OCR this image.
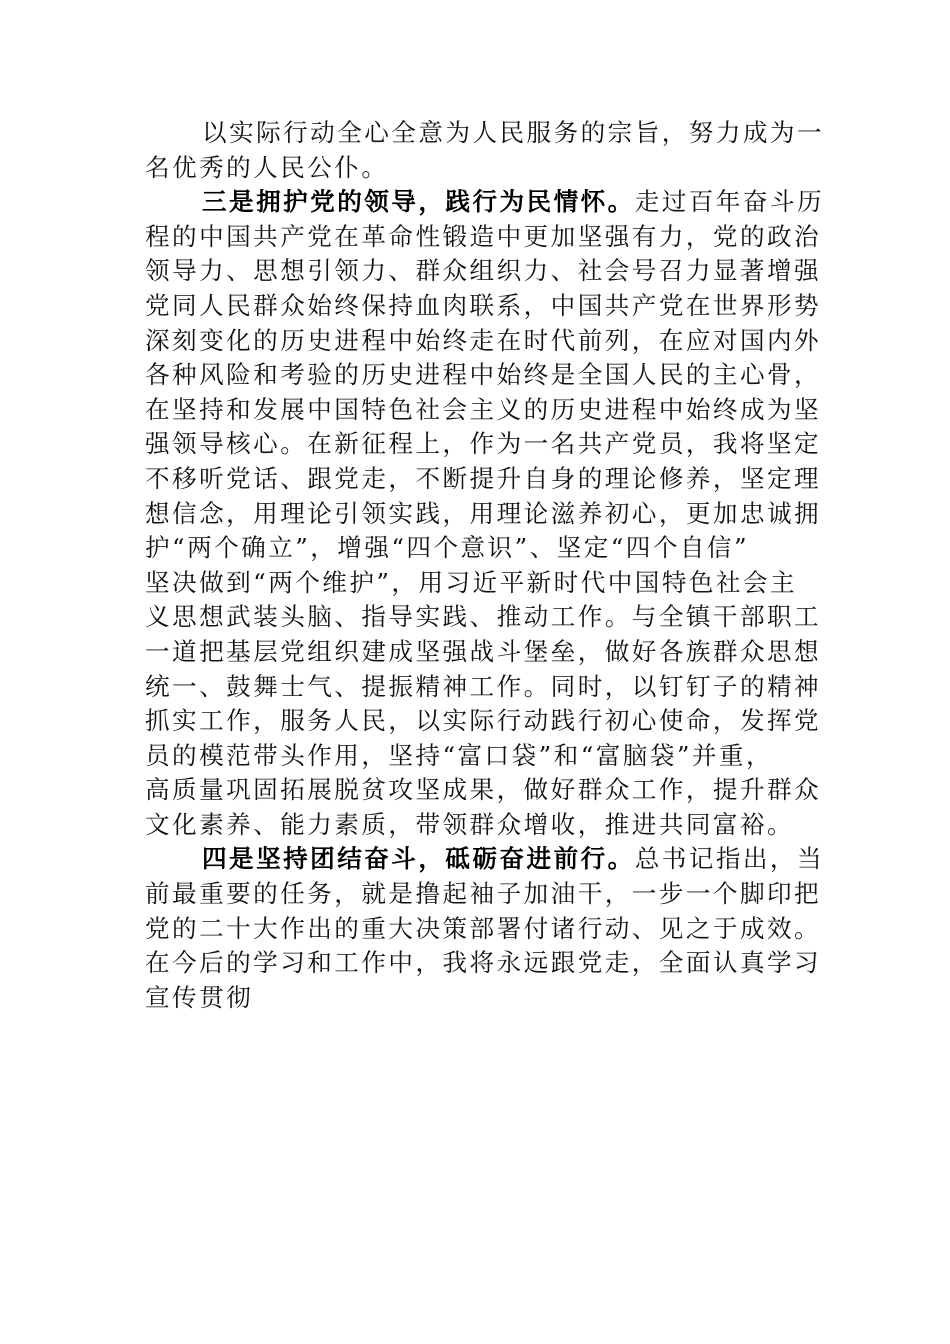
以实际行动全心全意为人民服务的宗旨，努力成为一
名优秀的人民公仆。
三是拥护党的领导，践行为民情怀。走过百年奋斗历
程的中国共产党在革命性锻造中更加坚强有力，党的政治
领导力、思想引领力、群众组织力、社会号召力显著增强
党同人民群众始终保持血肉联系，中国共产党在世界形势
深刻变化的历史进程中始终走在时代前列，在应对国内外
各种风险和考验的历史进程中始终是全国人民的主心骨，
在坚持和发展中国特色社会主义的历史进程中始终成为坚
强领导核心。在新征程上，作为一名共产党员，我将坚定
不移听党话、跟党走，不断提升自身的理论修养，坚定理
想信念，用理论引领实践，用理论滋养初心，更加忠诚拥
护“两个确立”，增强“四个意识”、坚定“四个自信”
坚决做到“两个维护”，用习近平新时代中国特色社会主
义思想武装头脑、指导实践、推动工作。与全镇干部职工
一道把基层党组织建成坚强战斗堡垒，做好各族群众思想
统一、鼓舞士气、提振精神工作。同时，以钉钉子的精神
抓实工作，服务人民，以实际行动践行初心使命，发挥党
员的模范带头作用，坚持“富口袋”和“富脑袋”并重，
高质量巩固拓展脱贫攻坚成果，做好群众工作，提升群众
文化素养、能力素质，带领群众增收，推进共同富裕。
四是坚持团结奋斗，砥砺奋进前行。总书记指出，当
前最重要的任务，就是撸起袖子加油干，一步一个脚印把
党的二十大作出的重大决策部署付诸行动、见之于成效。
在今后的学习和工作中，我将永远跟党走，全面认真学习
宣传贯彻
